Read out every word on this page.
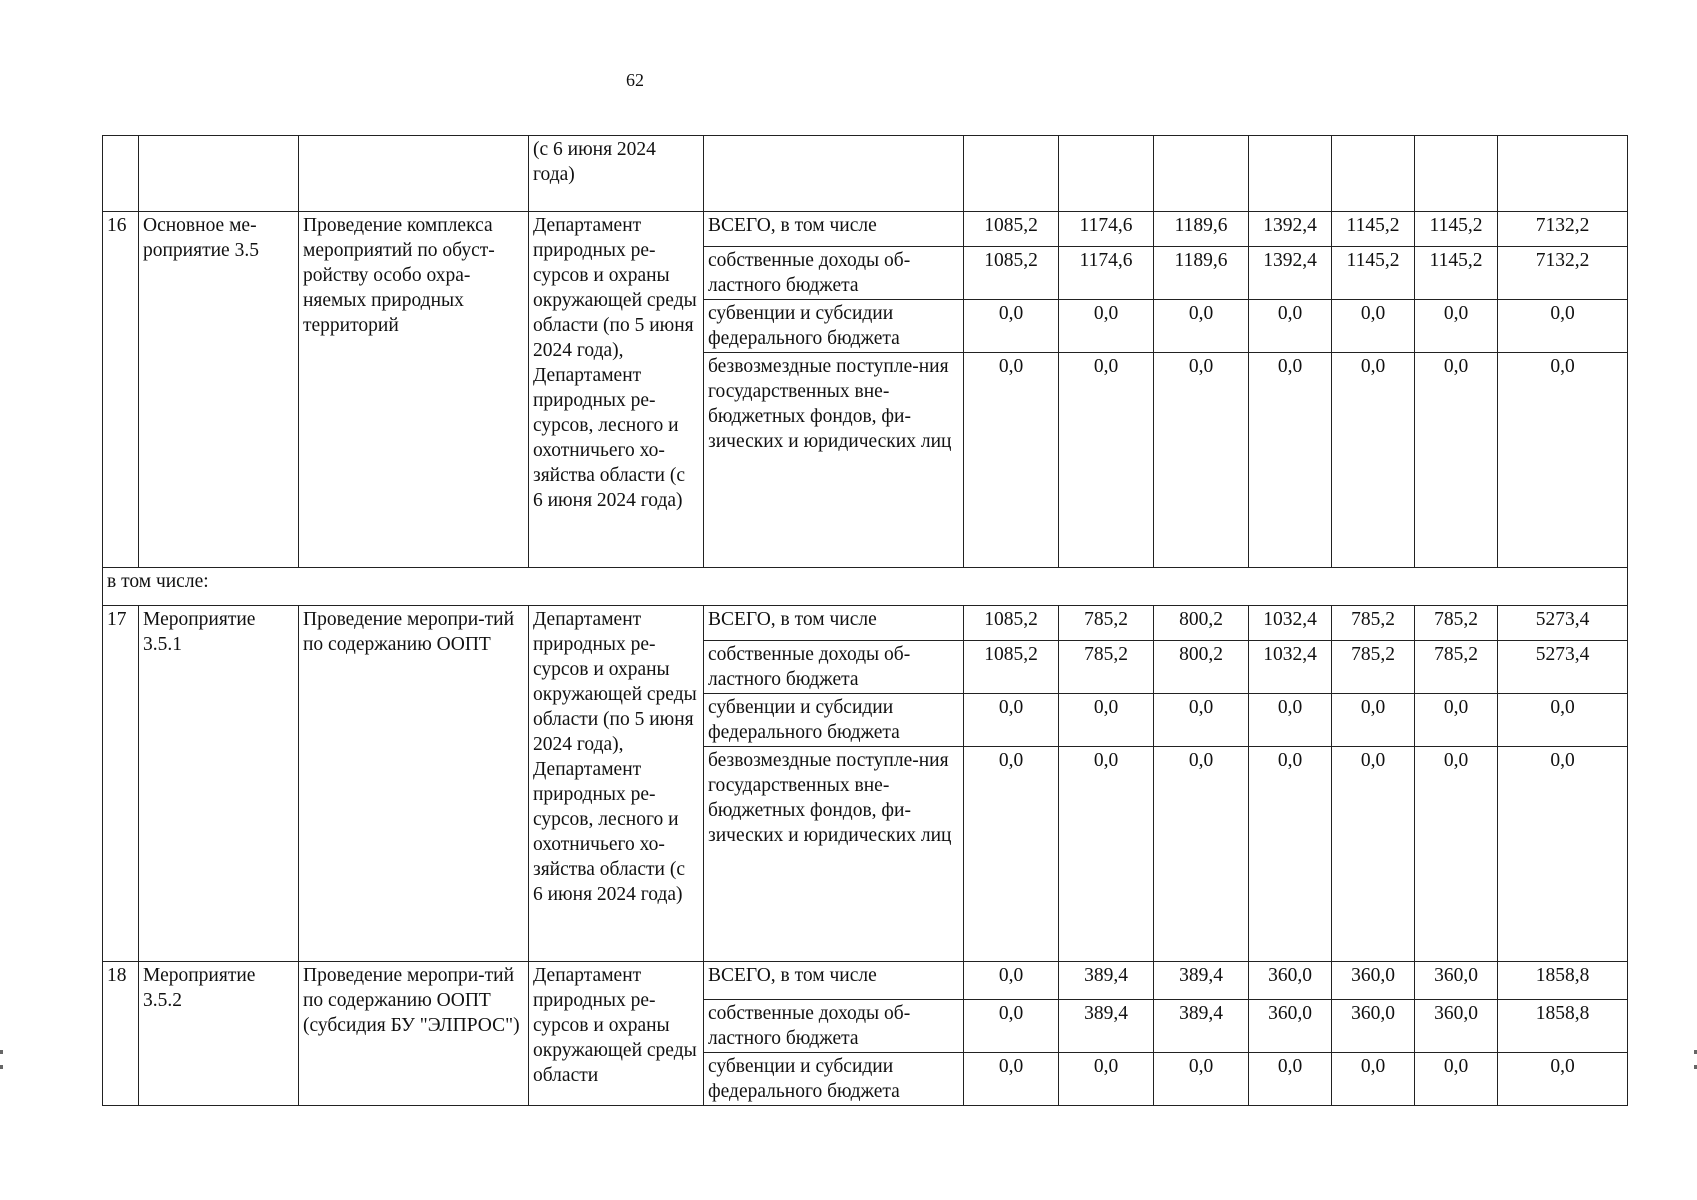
62
			(с 6 июня 2024 года)								
16	Основное ме-роприятие 3.5	Проведение комплекса мероприятий по обуст-ройству особо охра-няемых природных территорий	Департамент природных ре-сурсов и охраны окружающей среды области (по 5 июня 2024 года), Департамент природных ре-сурсов, лесного и охотничьего хо-зяйства области (с 6 июня 2024 года)	ВСЕГО, в том числе	1085,2	1174,6	1189,6	1392,4	1145,2	1145,2	7132,2
				собственные доходы об-ластного бюджета	1085,2	1174,6	1189,6	1392,4	1145,2	1145,2	7132,2
				субвенции и субсидии федерального бюджета	0,0	0,0	0,0	0,0	0,0	0,0	0,0
				безвозмездные поступле-ния государственных вне-бюджетных фондов, фи-зических и юридических лиц	0,0	0,0	0,0	0,0	0,0	0,0	0,0
в том числе:											
17	Мероприятие 3.5.1	Проведение меропри-тий по содержанию ООПТ	Департамент природных ре-сурсов и охраны окружающей среды области (по 5 июня 2024 года), Департамент природных ре-сурсов, лесного и охотничьего хо-зяйства области (с 6 июня 2024 года)	ВСЕГО, в том числе	1085,2	785,2	800,2	1032,4	785,2	785,2	5273,4
				собственные доходы об-ластного бюджета	1085,2	785,2	800,2	1032,4	785,2	785,2	5273,4
				субвенции и субсидии федерального бюджета	0,0	0,0	0,0	0,0	0,0	0,0	0,0
				безвозмездные поступле-ния государственных вне-бюджетных фондов, фи-зических и юридических лиц	0,0	0,0	0,0	0,0	0,0	0,0	0,0
18	Мероприятие 3.5.2	Проведение меропри-тий по содержанию ООПТ (субсидия БУ "ЭЛПРОС")	Департамент природных ре-сурсов и охраны окружающей среды области	ВСЕГО, в том числе	0,0	389,4	389,4	360,0	360,0	360,0	1858,8
				собственные доходы об-ластного бюджета	0,0	389,4	389,4	360,0	360,0	360,0	1858,8
				субвенции и субсидии федерального бюджета	0,0	0,0	0,0	0,0	0,0	0,0	0,0
